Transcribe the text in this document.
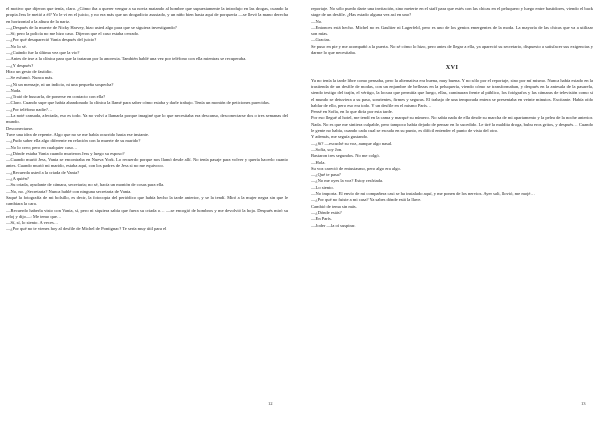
el motivo que dijeron que tenía, claro. ¿Cómo iba a querer vengar a su novia matando al hombre que supuestamente la introdujo en las drogas, cuando la propia Jess le metió a él? Yo le vi en el juicio, y no era más que un drogadicto asustado, y un niño bien hasta aquí de porquería —se llevó la mano derecha en horizontal a la altura de la nariz.

—¿Después de la muerte de Nicky Harvey, hizo usted algo para que se siguiera investigando?

—Sí; pero la policía no me hizo caso. Dijeron que el caso estaba cerrado.

—¿Por qué desapareció Vania después del juicio?

—No lo sé.

—¿Cuándo fue la última vez que la vio?

—Antes de irse a la clínica para que la trataran por la anorexia. También hablé una vez por teléfono con ella mientras se recuperaba.

—¿Y después?

Hizo un gesto de fastidio.

—Se esfumó. Nunca más.

—¿Ni un mensaje, ni un indicio, ni una pequeña sospecha?

—Nada.

—¿Trató de buscarla, de ponerse en contacto con ella?

—Claro. Cuando supe que había abandonado la clínica la llamé para saber cómo estaba y darle trabajo. Tenía un montón de peticiones parecidas.

—¿Por teléfono nadie?…

—La noté cansada, afectada, eso es todo. Ya no volví a llamarla porque imaginé que lo que necesitaba era descanso, desconectarse dos o tres semanas del mundo.

Desconectarse.

Tuve una idea de repente. Algo que no se me había ocurrido hasta ese instante.

—¿Pudo saber ella algo diferente en relación con la muerte de su marido?

—No lo creo; pero en cualquier caso…

—¿Dónde estaba Vania cuando murieron Jess y luego su esposo?

—Cuando murió Jess, Vania se encontraba en Nueva York. Lo recuerdo porque nos llamó desde allí. No tenía pasaje para volver y quería hacerlo cuanto antes. Cuando murió mi marido, estaba aquí, con los padres de Jess si no me equivoco.

—¿Recuerda usted a la criada de Vania?

—¿A quién?

—Su criada, ayudante de cámara, secretaria; no sé, hacía un montón de cosas para ella.

—No, no. ¿Secretaria? Nunca hablé con ninguna secretaria de Vania.

Saqué la fotografía de mi bolsillo, es decir, la fotocopia del periódico que había hecho la tarde anterior, y se la tendí. Miró a la mujer negra sin que le cambiara la cara.

—Recuerdo haberla visto con Vania, sí, pero ni siquiera sabía que fuera su criada o… —se encogió de hombros y me devolvió la hoja. Después miró su reloj y dijo—: Me temo que…

—Sí, sí, lo siento. A veces…

—¿Por qué no te vienes hoy al desfile de Michel de Pontignac? Te sería muy útil para el

12

reportaje. No sólo puedo darte una invitación, sino meterte en el staff para que estés con las chicas en el peluquero y luego entre bastidores, viendo el back stage de un desfile. ¿Has estado alguna vez así en uno?

—No.

—Entonces está hecho. Michel no es Gaultier ni Lagerfeld, pero es uno de los genios emergentes de la moda. La mayoría de las chicas que va a utilizar son mías.

—Gracias.

Se puso en pie y me acompañó a la puerta. No sé cómo lo hizo, pero antes de llegar a ella, ya apareció su secretario, dispuesto a satisfacer sus exigencias y darme lo que necesitaba.

XVI

Ya no tenía la tarde libre como pensaba, pero la alternativa era buena, muy buena. Y no sólo por el reportaje, sino por mí mismo. Nunca había estado en la trastienda de un desfile de modas, con un enjambre de bellezas en la peluquería, viendo cómo se transformaban, y después en la antesala de la pasarela, siendo testigo del trajín, el vértigo, la locura que permitía que luego, ellas, caminaran frente al público, los fotógrafos y las cámaras de televisión como si el mundo se detuviera a su paso, sonrientes, firmes y seguras. El trabajo de una temporada entera se presentaba en veinte minutos. Excitante. Había oído hablar de ello, pero eso era todo. Y un desfile en el mismo París…

Pensé en Sofía, en lo que diría por esta tarde.

Por eso llegué al hotel, me tendí en la cama y marqué su número. No sabía nada de ella desde su marcha de mi apartamento y la pelea de la noche anterior. Nada. No es que me sintiera culpable, pero tampoco había dejado de pensar en lo sucedido. Le tiré la maldita droga, bubu eros gritos, y después… Cuando le gente no había, cuando cada cual se escuda en su punto, es difícil entender el punto de vista del otro.

Y además, me seguía gustando.

—¿Sí? —escuché su voz, aunque algo nasal.

—Sofía, soy Jon.

Bastaron tres segundos. No me colgó.

—Hola.

Su voz careció de entusiasmo, pero algo era algo.

—¿Qué te pasa?

—¿No me oyes la voz? Estoy resfriada.

—Lo siento.

—No importa. El envío de mi compañera casi se ha instalado aquí, y me ponen de los nervios. Ayer sali, llovió, me mojé…

—¿Por qué no fuiste a mi casa? Ya sabes dónde está la llave.

Cambió de tema sin más.

—¿Dónde estás?

—En París.

—Joder —la oí suspirar.

13
